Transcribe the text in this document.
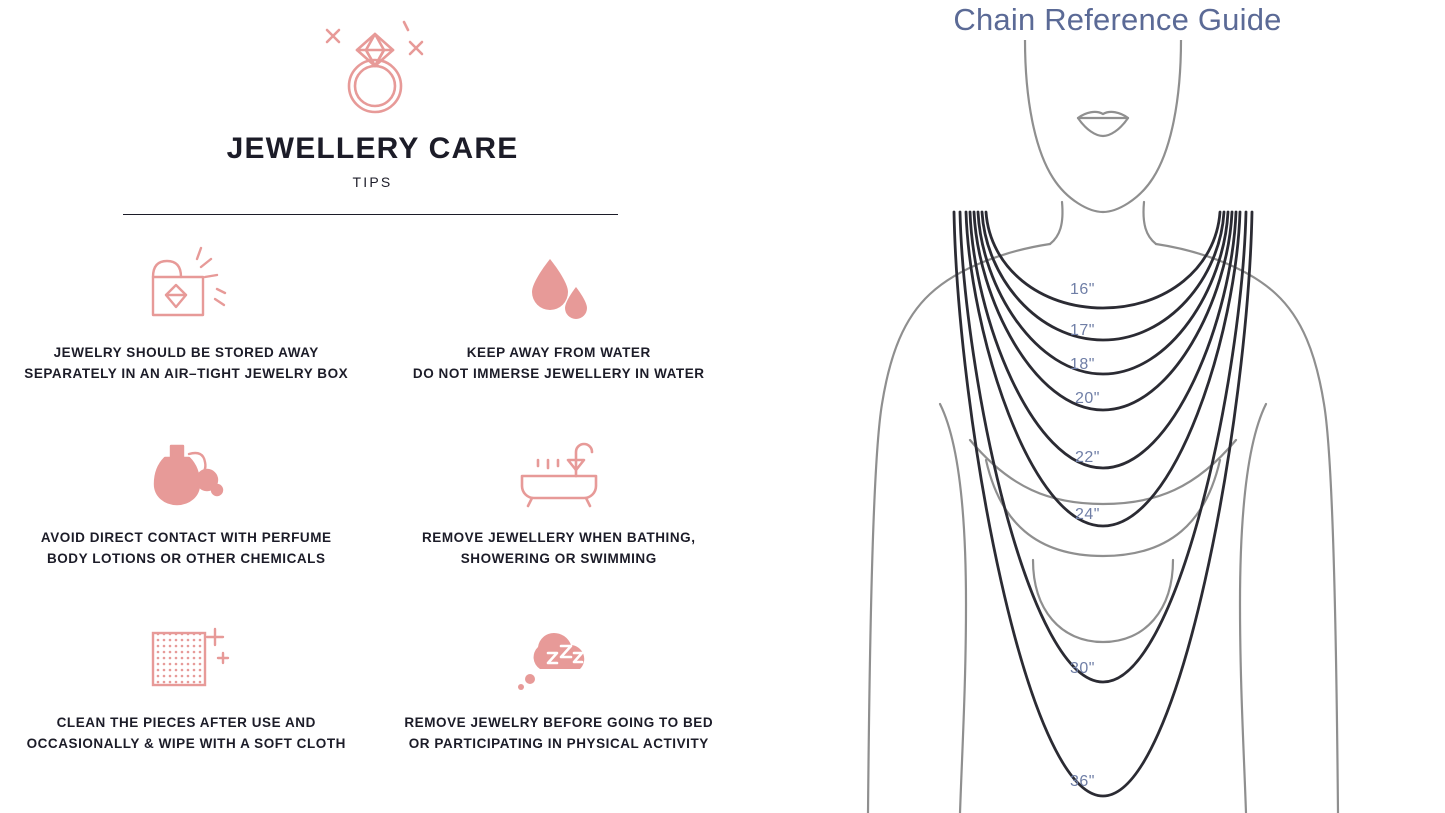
JEWELLERY CARE
TIPS
JEWELRY SHOULD BE STORED AWAY
SEPARATELY IN AN AIR–TIGHT JEWELRY BOX
KEEP AWAY FROM WATER
DO NOT IMMERSE JEWELLERY IN WATER
AVOID DIRECT CONTACT WITH PERFUME
BODY LOTIONS OR OTHER CHEMICALS
REMOVE JEWELLERY WHEN BATHING,
SHOWERING OR SWIMMING
CLEAN THE PIECES AFTER USE AND
OCCASIONALLY & WIPE WITH A SOFT CLOTH
REMOVE JEWELRY BEFORE GOING TO BED
OR PARTICIPATING IN PHYSICAL ACTIVITY
Chain Reference Guide
16"
17"
18"
20"
22"
24"
30"
36"
